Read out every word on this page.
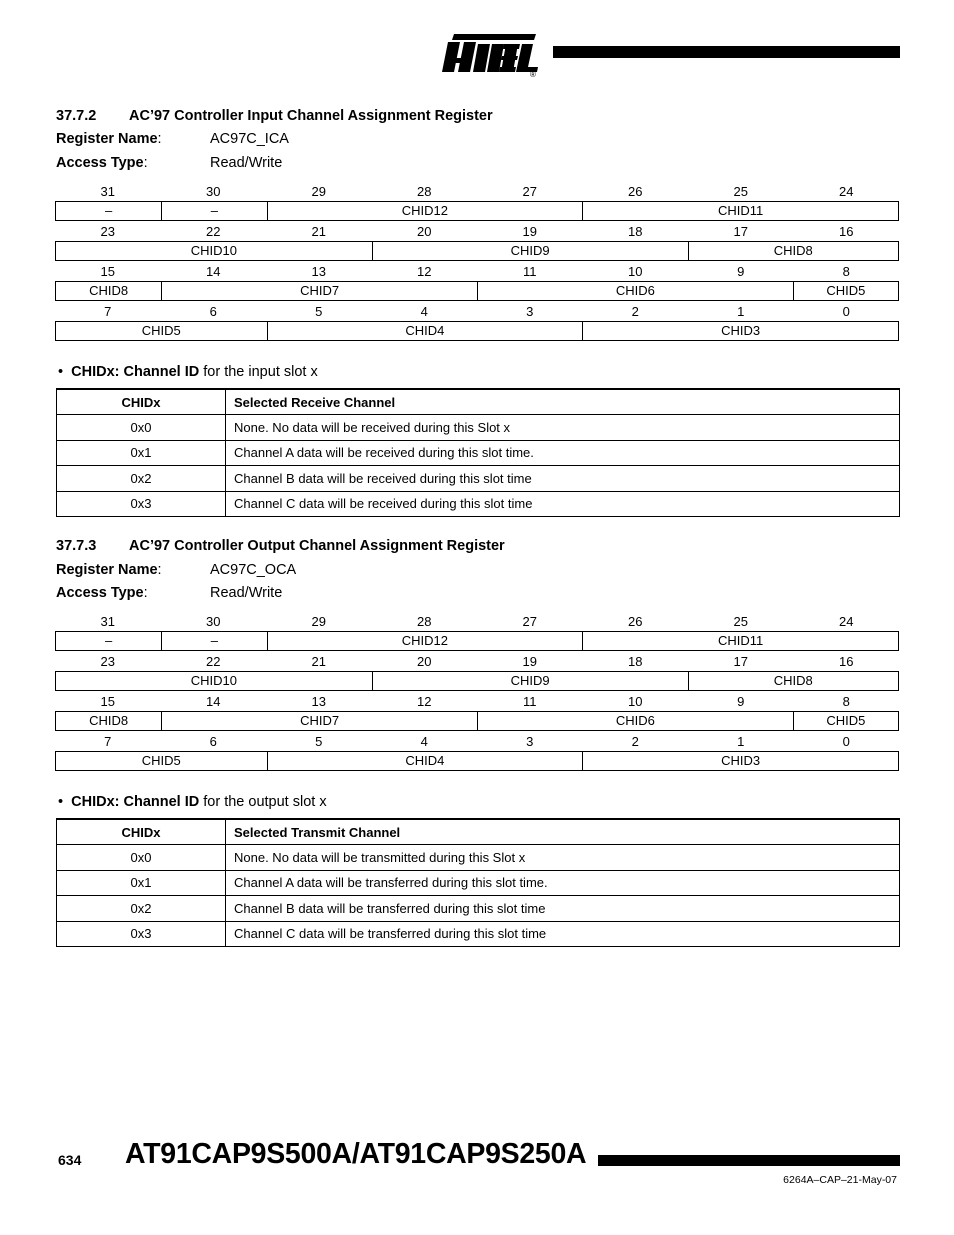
®
37.7.2 AC’97 Controller Input Channel Assignment Register
Register Name:	AC97C_ICA
Access Type:	Read/Write
31	30	29	28	27	26	25	24
–	–	CHID12	CHID11
23	22	21	20	19	18	17	16
CHID10	CHID9	CHID8
15	14	13	12	11	10	9	8
CHID8	CHID7	CHID6	CHID5
7	6	5	4	3	2	1	0
CHID5	CHID4	CHID3
•  CHIDx: Channel ID for the input slot x
CHIDx	Selected Receive Channel
0x0	None. No data will be received during this Slot x
0x1	Channel A data will be received during this slot time.
0x2	Channel B data will be received during this slot time
0x3	Channel C data will be received during this slot time
37.7.3 AC’97 Controller Output Channel Assignment Register
Register Name:	AC97C_OCA
Access Type:	Read/Write
31	30	29	28	27	26	25	24
–	–	CHID12	CHID11
23	22	21	20	19	18	17	16
CHID10	CHID9	CHID8
15	14	13	12	11	10	9	8
CHID8	CHID7	CHID6	CHID5
7	6	5	4	3	2	1	0
CHID5	CHID4	CHID3
•  CHIDx: Channel ID for the output slot x
CHIDx	Selected Transmit Channel
0x0	None. No data will be transmitted during this Slot x
0x1	Channel A data will be transferred during this slot time.
0x2	Channel B data will be transferred during this slot time
0x3	Channel C data will be transferred during this slot time
634 AT91CAP9S500A/AT91CAP9S250A
6264A–CAP–21-May-07
